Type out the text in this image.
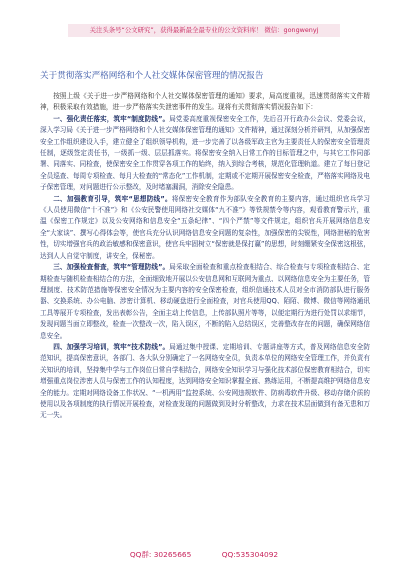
关注头条号“公文研究”，获得最新最全最专业的公文资料库！ 微信：gongwenyj
关于贯彻落实严格网络和个人社交媒体保密管理的情况报告

按照上级《关于进一步严格网络和个人社交媒体保密管理的通知》要求，局高度重视，迅速贯彻落实文件精神，积极采取有效措施，进一步严格落实失泄密事件的发生。现将有关贯彻落实情况报告如下：

一、强化责任落实，筑牢“制度防线”。局党委高度重视保密安全工作，先后召开行政办公会议、党委会议，深入学习局《关于进一步严格网络和个人社交媒体保密管理的通知》文件精神，通过深刻分析并研判，从加强保密安全工作组织建设入手，建立健全了组织领导机构，进一步完善了以各级军政主官为主要责任人的保密安全管理责任制，逐级签定责任书，一级抓一级、层层抓落实。将保密安全纳入日常工作的目标管理之中，与其它工作同部署、同落实、同检查，使保密安全工作贯穿各项工作的始终，纳入到综合考核，规范化管理轨道。建立了每日登记全员巡查、每周专项检查、每月大检查的“常态化”工作机制，定期或不定期开展保密安全检查，严格落实网络及电子保密管理，对问题进行公示整改，及时堵塞漏洞，消除安全隐患。

二、加强教育引导，筑牢“思想防线”。将保密安全教育作为部队安全教育的主要内容，通过组织官兵学习《人员使用微信“十不准”》和《公安民警使用网络社交媒体“九不准”》等铁规禁令等内容，观看教育警示片，重温《保密工作规定》以及公安网络和信息安全“五条纪律”、“四个严禁”等文件规定，组织官兵开展网络信息安全“大家谈”、撰写心得体会等，使官兵充分认识网络信息安全问题的复杂性，加强保密的尖锐性，网络泄秘的危害性，切实增强官兵的政治敏感和保密意识，使官兵牢固树立“保密就是保打赢”的思想，时刻绷紧安全保密这根弦，达到人人自觉守制度，讲安全，保秘密。

三、加强检查督查，筑牢“管理防线”。局采取全面检查和重点检查相结合、综合检查与专项检查相结合、定期检查与随机检查相结合的方法，全面细致地开展以公安信息网和互联网为重点、以网络信息安全为主要任务，管理制度、技术防范措施等保密安全情况为主要内容的安全保密检查，组织信通技术人员对全市消防部队进行服务器、交换系统、办公电脑、涉密计算机、移动硬盘进行全面检查，对官兵使用QQ、陌陌、微博、微信等网络通讯工具等展开专项检查，发出表彰公告，全面主动上传信息，上传部队照片等等，以便定期行为进行处罚以求细节，发现问题当面立即整改，检查一次整改一次，陷入误区，不断的陷入总结误区，完善整改存在的问题，确保网络信息安全。

四、加强学习培训，筑牢“技术防线”。局通过集中授课、定期培训、专题讲座等方式，普及网络信息安全防范知识，提高保密意识，各部门、各大队分别确定了一名网络安全员，负责本单位的网络安全管理工作，并负责有关知识的培训，坚持集中学与工作岗位日常自学相结合，网络安全知识学习与强化技术部位保密教育相结合，切实增强重点岗位涉密人员与保密工作的认知程度，达到网络安全知识掌握全面、熟练运用，不断提高维护网络信息安全的能力。定期对网络设备工作状况、“一机两用”监控系统、公安网违规软件、防病毒软件升级、移动存储介质的使用以及各项制度的执行情况开展检查，对检查发现的问题做到及时分析整改，力求在技术层面做到有备无患和万无一失。

QQ群: 30265665	QQ:535304092
